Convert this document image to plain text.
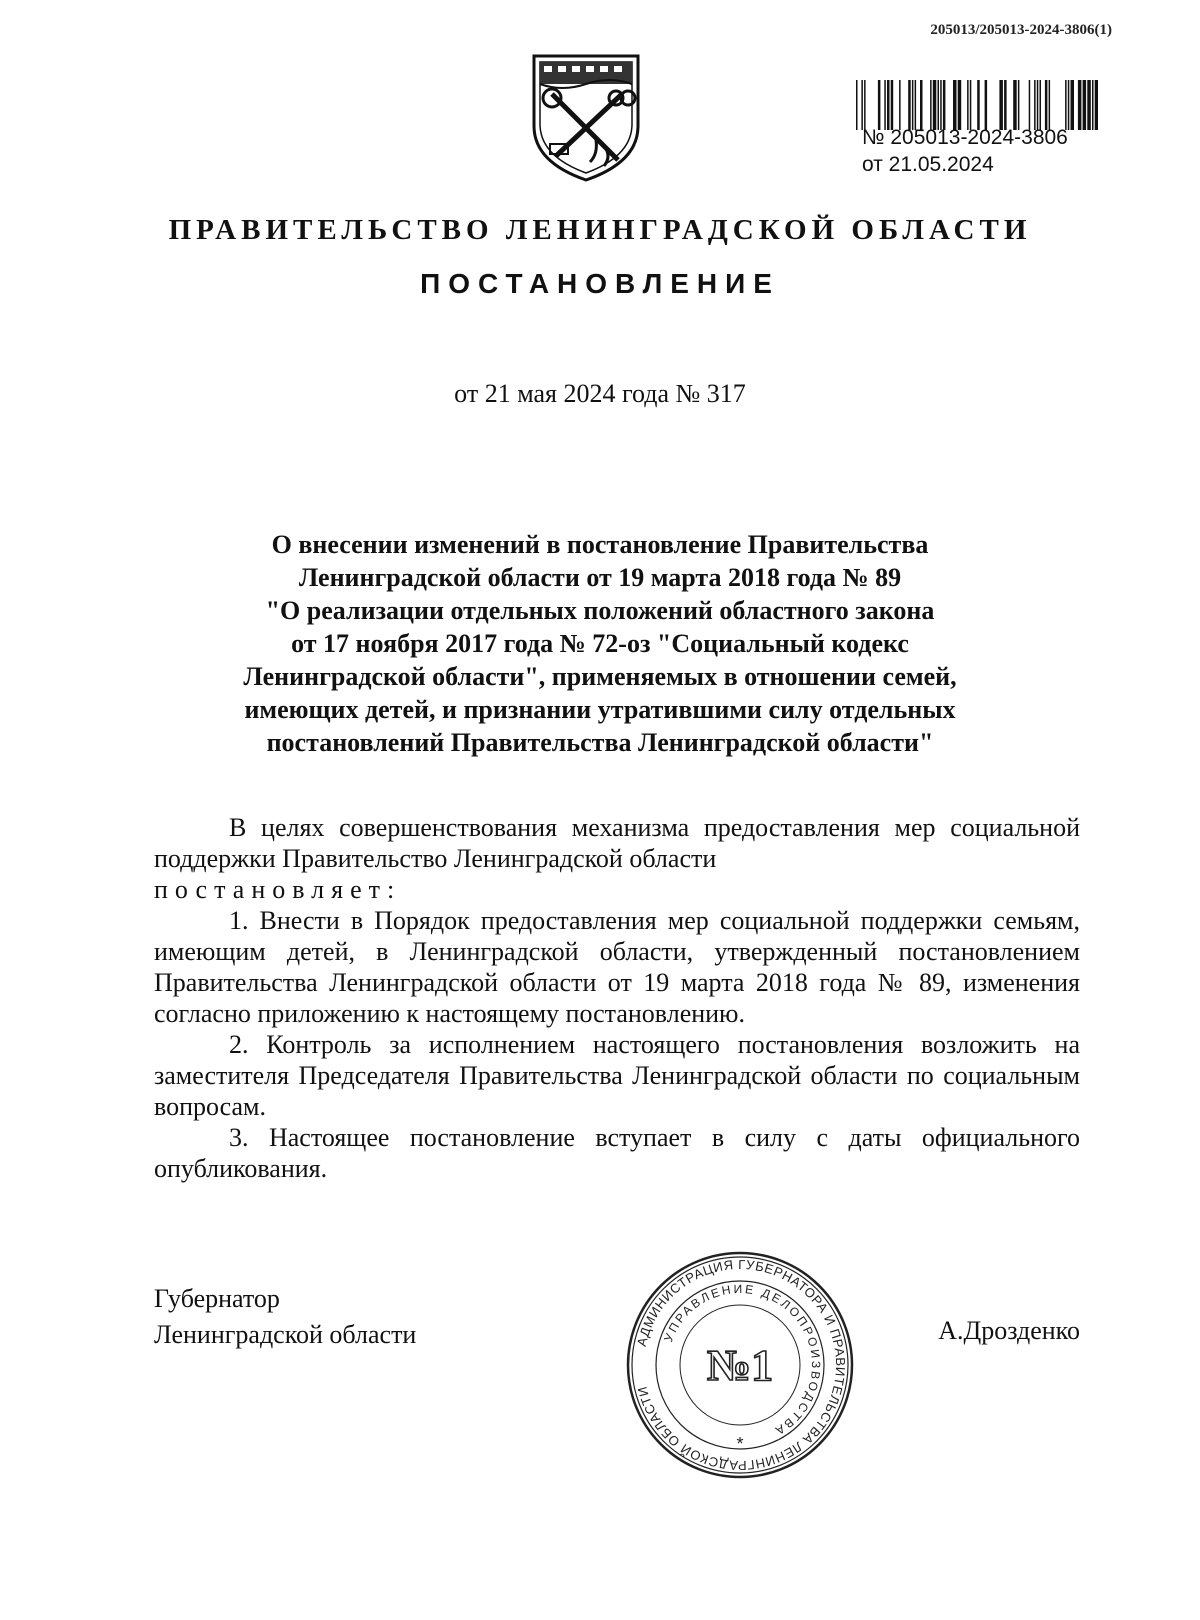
205013/205013-2024-3806(1)
№ 205013-2024-3806
от 21.05.2024
ПРАВИТЕЛЬСТВО ЛЕНИНГРАДСКОЙ ОБЛАСТИ
ПОСТАНОВЛЕНИЕ
от 21 мая 2024 года № 317
О внесении изменений в постановление Правительства
Ленинградской области от 19 марта 2018 года № 89
"О реализации отдельных положений областного закона
от 17 ноября 2017 года № 72-оз "Социальный кодекс
Ленинградской области", применяемых в отношении семей,
имеющих детей, и признании утратившими силу отдельных
постановлений Правительства Ленинградской области"

В целях совершенствования механизма предоставления мер социальной поддержки Правительство Ленинградской области

постановляет:

1. Внести в Порядок предоставления мер социальной поддержки семьям, имеющим детей, в Ленинградской области, утвержденный постановлением Правительства Ленинградской области от 19 марта 2018 года № 89, изменения согласно приложению к настоящему постановлению.

2. Контроль за исполнением настоящего постановления возложить на заместителя Председателя Правительства Ленинградской области по социальным вопросам.

3. Настоящее постановление вступает в силу с даты официального опубликования.

Губернатор
Ленинградской области	АДМИНИСТРАЦИЯ ГУБЕРНАТОРА И ПРАВИТЕЛЬСТВА ЛЕНИНГРАДСКОЙ ОБЛАСТИ
УПРАВЛЕНИЕ ДЕЛОПРОИЗВОДСТВА
№1
*
А.Дрозденко
